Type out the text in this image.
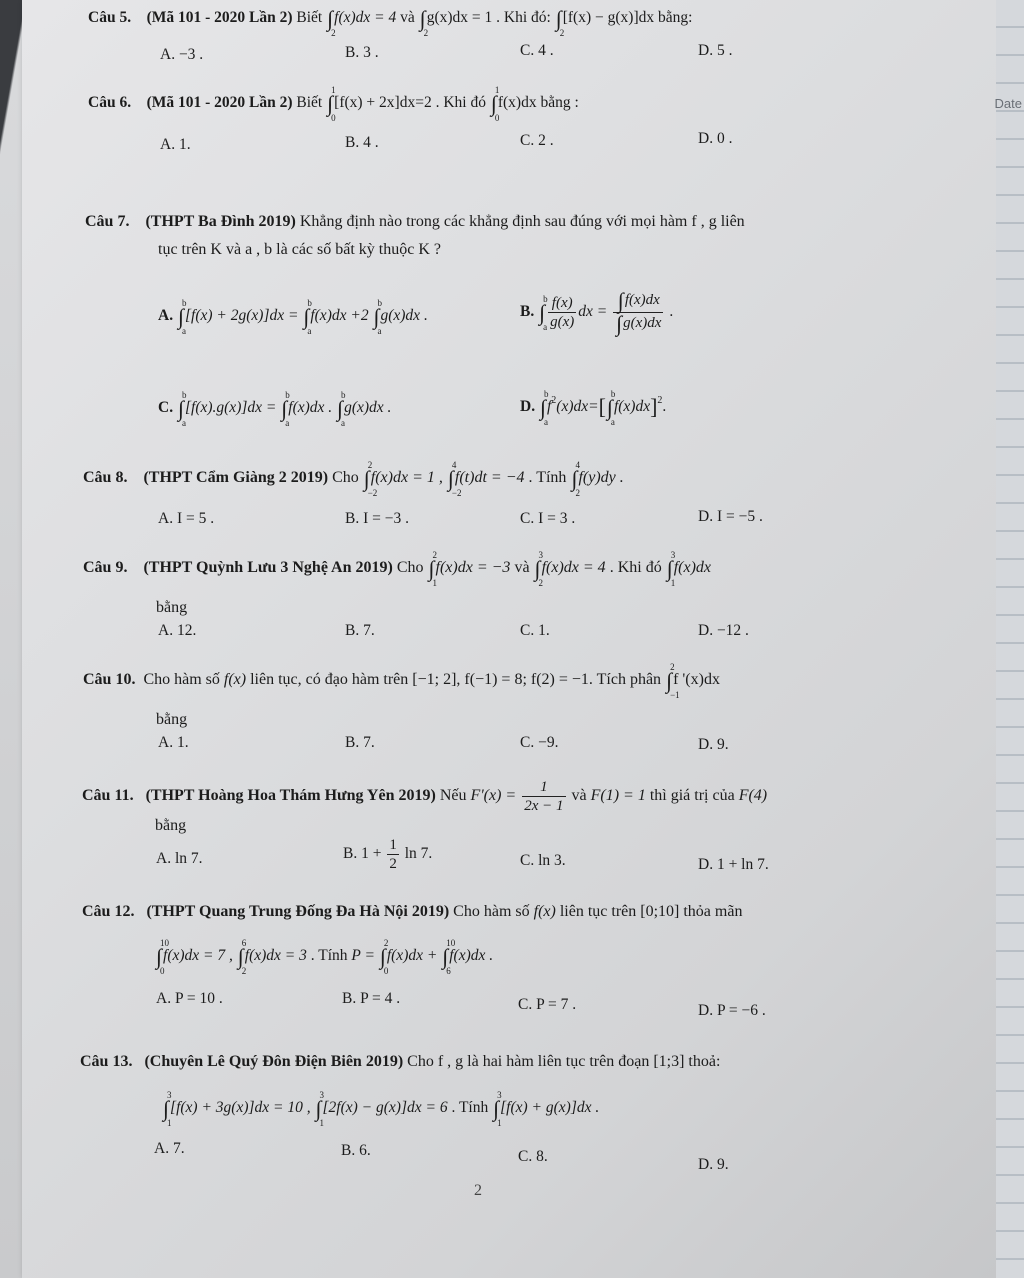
Date
Câu 5. (Mã 101 - 2020 Lần 2) Biết ∫
2
f(x)dx = 4 và ∫
2
g(x)dx = 1 . Khi đó: ∫
2
[f(x) − g(x)]dx bằng:
A. −3 .	B. 3 .	C. 4 .	D. 5 .
Câu 6. (Mã 101 - 2020 Lần 2) Biết ∫
1
0
[f(x) + 2x]dx=2 . Khi đó ∫
1
0
f(x)dx bằng :
A. 1.	B. 4 .	C. 2 .	D. 0 .
Câu 7. (THPT Ba Đình 2019) Khẳng định nào trong các khẳng định sau đúng với mọi hàm f , g liên
tục trên K và a , b là các số bất kỳ thuộc K ?
A. ∫
b
a
[f(x) + 2g(x)]dx = ∫
b
a
f(x)dx +2 ∫
b
a
g(x)dx .	B. ∫
b
a $\frac{f(x)}{g(x)}$ dx = $\frac{\int f(x)dx}{\int g(x)dx}$ .
C. ∫
b
a
[f(x).g(x)]dx = ∫
b
a
f(x)dx . ∫
b
a
g(x)dx .	D. ∫
b
a
$f^2(x)dx=[\int$
b
a
f(x)dx]$^2$.
Câu 8. (THPT Cẩm Giàng 2 2019) Cho ∫
2
−2
f(x)dx = 1 , ∫
4
−2
f(t)dt = −4 . Tính ∫
4
2
f(y)dy .
A. I = 5 .	B. I = −3 .	C. I = 3 .	D. I = −5 .
Câu 9. (THPT Quỳnh Lưu 3 Nghệ An 2019) Cho ∫
2
1
f(x)dx = −3 và ∫
3
2
f(x)dx = 4 . Khi đó ∫
3
1
f(x)dx
bằng
A. 12.	B. 7.	C. 1.	D. −12 .
Câu 10. Cho hàm số f(x) liên tục, có đạo hàm trên [−1; 2], f(−1) = 8; f(2) = −1. Tích phân ∫
2
−1
f '(x)dx
bằng
A. 1.	B. 7.	C. −9.	D. 9.
Câu 11. (THPT Hoàng Hoa Thám Hưng Yên 2019) Nếu $F'(x) = \frac{1}{2x - 1}$ và F(1) = 1 thì giá trị của F(4)
bằng
A. ln 7.	B. $1 + \frac{1}{2}$ ln 7.	C. ln 3.	D. 1 + ln 7.
Câu 12. (THPT Quang Trung Đống Đa Hà Nội 2019) Cho hàm số f(x) liên tục trên [0;10] thỏa mãn
∫
10
0
f(x)dx = 7 , ∫
6
2
f(x)dx = 3 . Tính P = ∫
2
0
f(x)dx + ∫
10
6
f(x)dx .
A. P = 10 .	B. P = 4 .	C. P = 7 .	D. P = −6 .
Câu 13. (Chuyên Lê Quý Đôn Điện Biên 2019) Cho f , g là hai hàm liên tục trên đoạn [1;3] thoả:
∫
3
1
[f(x) + 3g(x)]dx = 10 , ∫
3
1
[2f(x) − g(x)]dx = 6 . Tính ∫
3
1
[f(x) + g(x)]dx .
A. 7.	B. 6.	C. 8.	D. 9.
2
